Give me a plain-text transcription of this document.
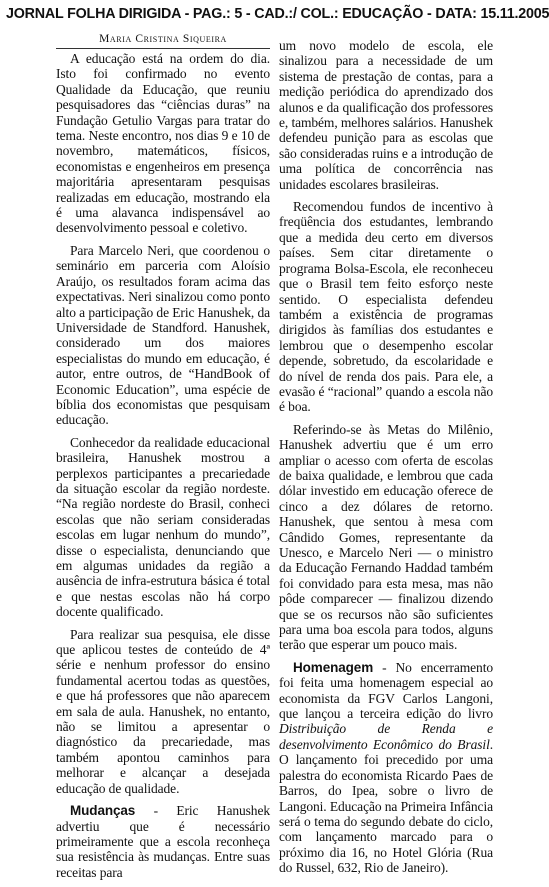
JORNAL FOLHA DIRIGIDA - PAG.: 5 - CAD.:/ COL.: EDUCAÇÃO - DATA: 15.11.2005
Maria Cristina Siqueira

A educação está na ordem do dia. Isto foi confirmado no evento Qualidade da Educação, que reuniu pesquisadores das “ciências duras” na Fundação Getulio Vargas para tratar do tema. Neste encontro, nos dias 9 e 10 de novembro, matemáticos, físicos, economistas e engenheiros em presença majoritária apresentaram pesquisas realizadas em educação, mostrando ela é uma alavanca indispensável ao desenvolvimento pessoal e coletivo.

Para Marcelo Neri, que coordenou o seminário em parceria com Aloísio Araújo, os resultados foram acima das expectativas. Neri sinalizou como ponto alto a participação de Eric Hanushek, da Universidade de Standford. Hanushek, considerado um dos maiores especialistas do mundo em educação, é autor, entre outros, de “HandBook of Economic Education”, uma espécie de bíblia dos economistas que pesquisam educação.

Conhecedor da realidade educacional brasileira, Hanushek mostrou a perplexos participantes a precariedade da situação escolar da região nordeste. “Na região nordeste do Brasil, conheci escolas que não seriam consideradas escolas em lugar nenhum do mundo”, disse o especialista, denunciando que em algumas unidades da região a ausência de infra-estrutura básica é total e que nestas escolas não há corpo docente qualificado.

Para realizar sua pesquisa, ele disse que aplicou testes de conteúdo de 4ª série e nenhum professor do ensino fundamental acertou todas as questões, e que há professores que não aparecem em sala de aula. Hanushek, no entanto, não se limitou a apresentar o diagnóstico da precariedade, mas também apontou caminhos para melhorar e alcançar a desejada educação de qualidade.

Mudanças - Eric Hanushek advertiu que é necessário primeiramente que a escola reconheça sua resistência às mudanças. Entre suas receitas para

um novo modelo de escola, ele sinalizou para a necessidade de um sistema de prestação de contas, para a medição periódica do aprendizado dos alunos e da qualificação dos professores e, também, melhores salários. Hanushek defendeu punição para as escolas que são consideradas ruins e a introdução de uma política de concorrência nas unidades escolares brasileiras.

Recomendou fundos de incentivo à freqüência dos estudantes, lembrando que a medida deu certo em diversos países. Sem citar diretamente o programa Bolsa-Escola, ele reconheceu que o Brasil tem feito esforço neste sentido. O especialista defendeu também a existência de programas dirigidos às famílias dos estudantes e lembrou que o desempenho escolar depende, sobretudo, da escolaridade e do nível de renda dos pais. Para ele, a evasão é “racional” quando a escola não é boa.

Referindo-se às Metas do Milênio, Hanushek advertiu que é um erro ampliar o acesso com oferta de escolas de baixa qualidade, e lembrou que cada dólar investido em educação oferece de cinco a dez dólares de retorno. Hanushek, que sentou à mesa com Cândido Gomes, representante da Unesco, e Marcelo Neri — o ministro da Educação Fernando Haddad também foi convidado para esta mesa, mas não pôde comparecer — finalizou dizendo que se os recursos não são suficientes para uma boa escola para todos, alguns terão que esperar um pouco mais.

Homenagem - No encerramento foi feita uma homenagem especial ao economista da FGV Carlos Langoni, que lançou a terceira edição do livro Distribuição de Renda e desenvolvimento Econômico do Brasil. O lançamento foi precedido por uma palestra do economista Ricardo Paes de Barros, do Ipea, sobre o livro de Langoni. Educação na Primeira Infância será o tema do segundo debate do ciclo, com lançamento marcado para o próximo dia 16, no Hotel Glória (Rua do Russel, 632, Rio de Janeiro).
